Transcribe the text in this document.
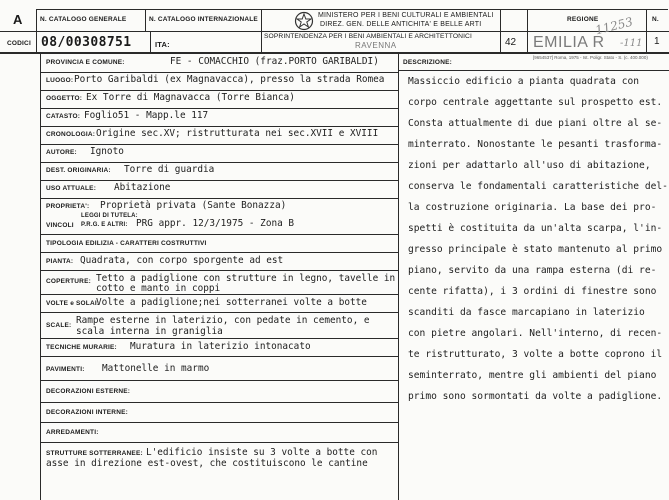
A
CODICI
N. CATALOGO GENERALE	N. CATALOGO INTERNAZIONALE
MINISTERO PER I BENI CULTURALI E AMBIENTALI
DIREZ. GEN. DELLE ANTICHITA' E BELLE ARTI
REGIONE	N.
11253
08/00308751	ITA:
SOPRINTENDENZA PER I BENI AMBIENTALI E ARCHITETTONICI
RAVENNA	42 EMILIA R -111 1
PROVINCIA E COMUNE:	FE - COMACCHIO (fraz.PORTO GARIBALDI)
LUOGO: Porto Garibaldi (ex Magnavacca), presso la strada Romea
OGGETTO: Ex Torre di Magnavacca (Torre Bianca)
CATASTO: Foglio51 - Mapp.le 117
CRONOLOGIA: Origine sec.XV; ristrutturata nei sec.XVII e XVIII
AUTORE: Ignoto
DEST. ORIGINARIA: Torre di guardia
USO ATTUALE: Abitazione
PROPRIETA': Proprietà privata (Sante Bonazza)
VINCOLI
LEGGI DI TUTELA:
P.R.G. E ALTRI: PRG appr. 12/3/1975 - Zona B
TIPOLOGIA EDILIZIA - CARATTERI COSTRUTTIVI
PIANTA: Quadrata, con corpo sporgente ad est
COPERTURE: Tetto a padiglione con strutture in legno, tavelle in
cotto e manto in coppi
VOLTE e SOLAI:
Volte a padiglione;nei sotterranei volte a botte
SCALE: Rampe esterne in laterizio, con pedate in cemento, e
scala interna in graniglia
TECNICHE MURARIE: Muratura in laterizio intonacato
PAVIMENTI: Mattonelle in marmo
DECORAZIONI ESTERNE:
DECORAZIONI INTERNE:
ARREDAMENTI:
STRUTTURE SOTTERRANEE: L'edificio insiste su 3 volte a botte con
asse in direzione est-ovest, che costituiscono le cantine
DESCRIZIONE:
[9654537] Roma, 1975 - Ist. Poligr. Stato - S. (c. 400.000)
Massiccio edificio a pianta quadrata con
corpo centrale aggettante sul prospetto est.
Consta attualmente di due piani oltre al se-
minterrato. Nonostante le pesanti trasforma-
zioni per adattarlo all'uso di abitazione,
conserva le fondamentali caratteristiche del-
la costruzione originaria. La base dei pro-
spetti è costituita da un'alta scarpa, l'in-
gresso principale è stato mantenuto al primo
piano, servito da una rampa esterna (di re-
cente rifatta), i 3 ordini di finestre sono
scanditi da fasce marcapiano in laterizio
con pietre angolari. Nell'interno, di recen-
te ristrutturato, 3 volte a botte coprono il
seminterrato, mentre gli ambienti del piano
primo sono sormontati da volte a padiglione.
